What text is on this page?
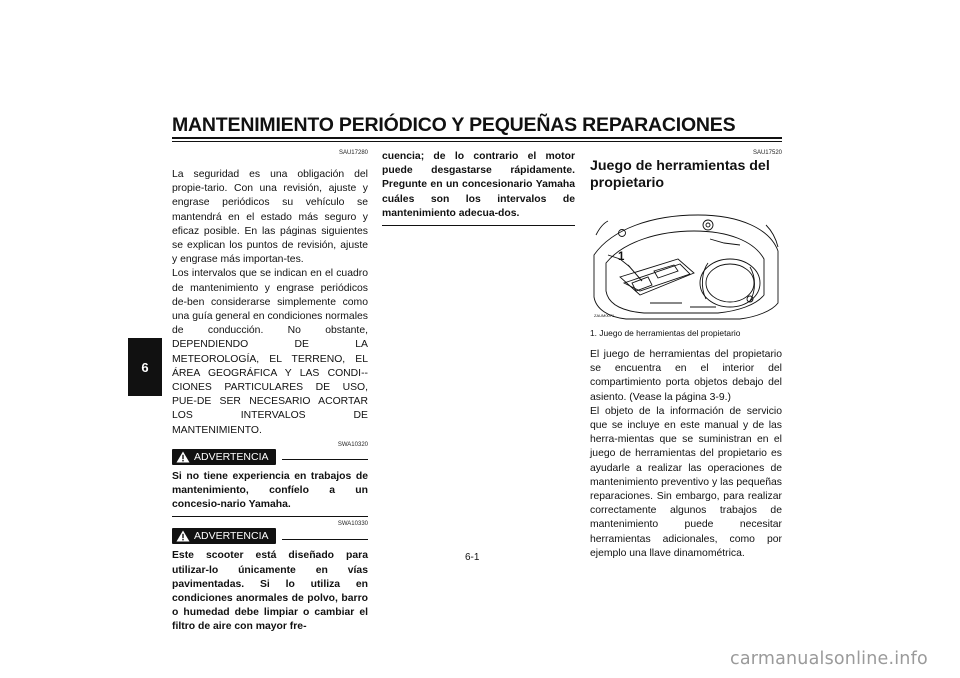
MANTENIMIENTO PERIÓDICO Y PEQUEÑAS REPARACIONES
6
SAU17280
La seguridad es una obligación del propie-tario. Con una revisión, ajuste y engrase periódicos su vehículo se mantendrá en el estado más seguro y eficaz posible. En las páginas siguientes se explican los puntos de revisión, ajuste y engrase más importan-tes.
Los intervalos que se indican en el cuadro de mantenimiento y engrase periódicos de-ben considerarse simplemente como una guía general en condiciones normales de conducción. No obstante, DEPENDIENDO DE LA METEOROLOGÍA, EL TERRENO, EL ÁREA GEOGRÁFICA Y LAS CONDI-CIONES PARTICULARES DE USO, PUE-DE SER NECESARIO ACORTAR LOS INTERVALOS DE MANTENIMIENTO.
SWA10320
ADVERTENCIA
Si no tiene experiencia en trabajos de mantenimiento, confíelo a un concesio-nario Yamaha.
SWA10330
ADVERTENCIA
Este scooter está diseñado para utilizar-lo únicamente en vías pavimentadas. Si lo utiliza en condiciones anormales de polvo, barro o humedad debe limpiar o cambiar el filtro de aire con mayor fre-
cuencia; de lo contrario el motor puede desgastarse rápidamente. Pregunte en un concesionario Yamaha cuáles son los intervalos de mantenimiento adecua-dos.
SAU17520
Juego de herramientas del propietario
1
ZAUM0071
1. Juego de herramientas del propietario
El juego de herramientas del propietario se encuentra en el interior del compartimiento porta objetos debajo del asiento. (Vease la página 3-9.)
El objeto de la información de servicio que se incluye en este manual y de las herra-mientas que se suministran en el juego de herramientas del propietario es ayudarle a realizar las operaciones de mantenimiento preventivo y las pequeñas reparaciones. Sin embargo, para realizar correctamente algunos trabajos de mantenimiento puede necesitar herramientas adicionales, como por ejemplo una llave dinamométrica.
6-1
carmanualsonline.info
